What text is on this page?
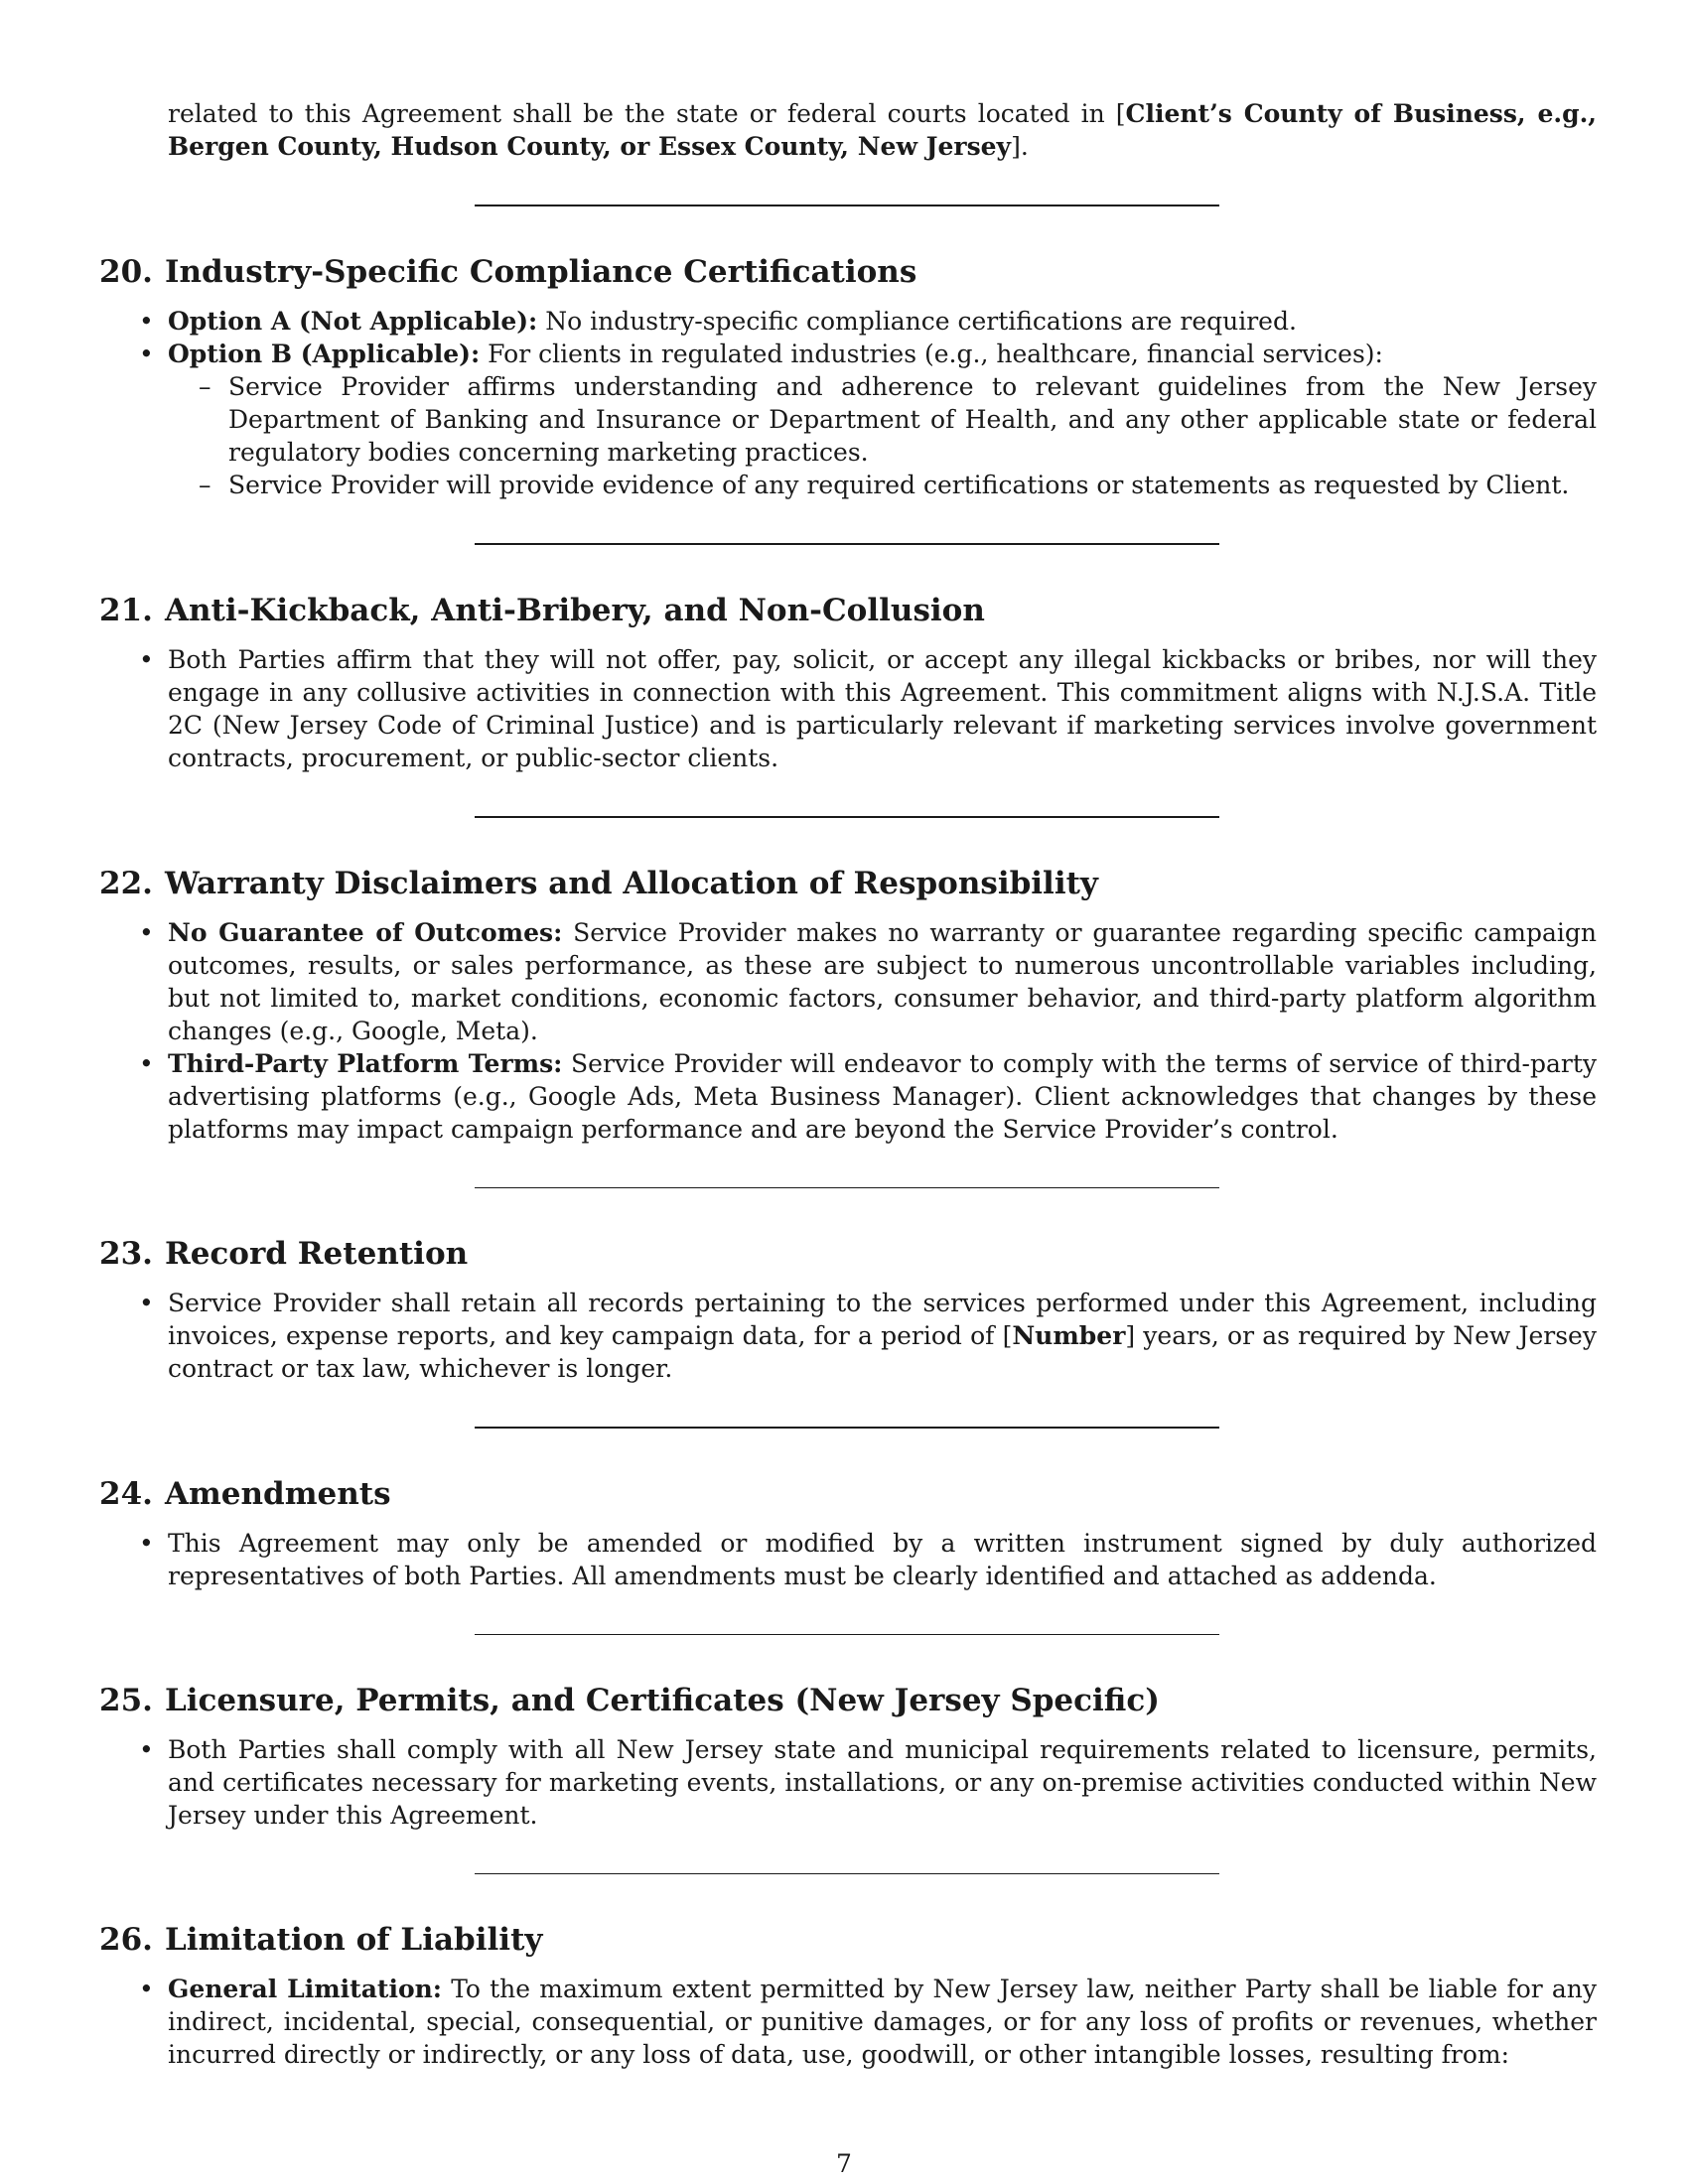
related to this Agreement shall be the state or federal courts located in [Client’s County of Business, e.g., Bergen County, Hudson County, or Essex County, New Jersey].

20. Industry-Specific Compliance Certifications
• Option A (Not Applicable): No industry-specific compliance certifications are required.
• Option B (Applicable): For clients in regulated industries (e.g., healthcare, financial services):
– Service Provider affirms understanding and adherence to relevant guidelines from the New Jersey Department of Banking and Insurance or Department of Health, and any other applicable state or federal regulatory bodies concerning marketing practices.
– Service Provider will provide evidence of any required certifications or statements as requested by Client.
21. Anti-Kickback, Anti-Bribery, and Non-Collusion
• Both Parties affirm that they will not offer, pay, solicit, or accept any illegal kickbacks or bribes, nor will they engage in any collusive activities in connection with this Agreement. This commitment aligns with N.J.S.A. Title 2C (New Jersey Code of Criminal Justice) and is particularly relevant if marketing services involve government contracts, procurement, or public-sector clients.
22. Warranty Disclaimers and Allocation of Responsibility
• No Guarantee of Outcomes: Service Provider makes no warranty or guarantee regarding specific campaign outcomes, results, or sales performance, as these are subject to numerous uncontrollable variables including, but not limited to, market conditions, economic factors, consumer behavior, and third-party platform algorithm changes (e.g., Google, Meta).
• Third-Party Platform Terms: Service Provider will endeavor to comply with the terms of service of third-party advertising platforms (e.g., Google Ads, Meta Business Manager). Client acknowledges that changes by these platforms may impact campaign performance and are beyond the Service Provider’s control.
23. Record Retention
• Service Provider shall retain all records pertaining to the services performed under this Agreement, including invoices, expense reports, and key campaign data, for a period of [Number] years, or as required by New Jersey contract or tax law, whichever is longer.
24. Amendments
• This Agreement may only be amended or modified by a written instrument signed by duly authorized representatives of both Parties. All amendments must be clearly identified and attached as addenda.
25. Licensure, Permits, and Certificates (New Jersey Specific)
• Both Parties shall comply with all New Jersey state and municipal requirements related to licensure, permits, and certificates necessary for marketing events, installations, or any on-premise activities conducted within New Jersey under this Agreement.
26. Limitation of Liability
• General Limitation: To the maximum extent permitted by New Jersey law, neither Party shall be liable for any indirect, incidental, special, consequential, or punitive damages, or for any loss of profits or revenues, whether incurred directly or indirectly, or any loss of data, use, goodwill, or other intangible losses, resulting from:
7
